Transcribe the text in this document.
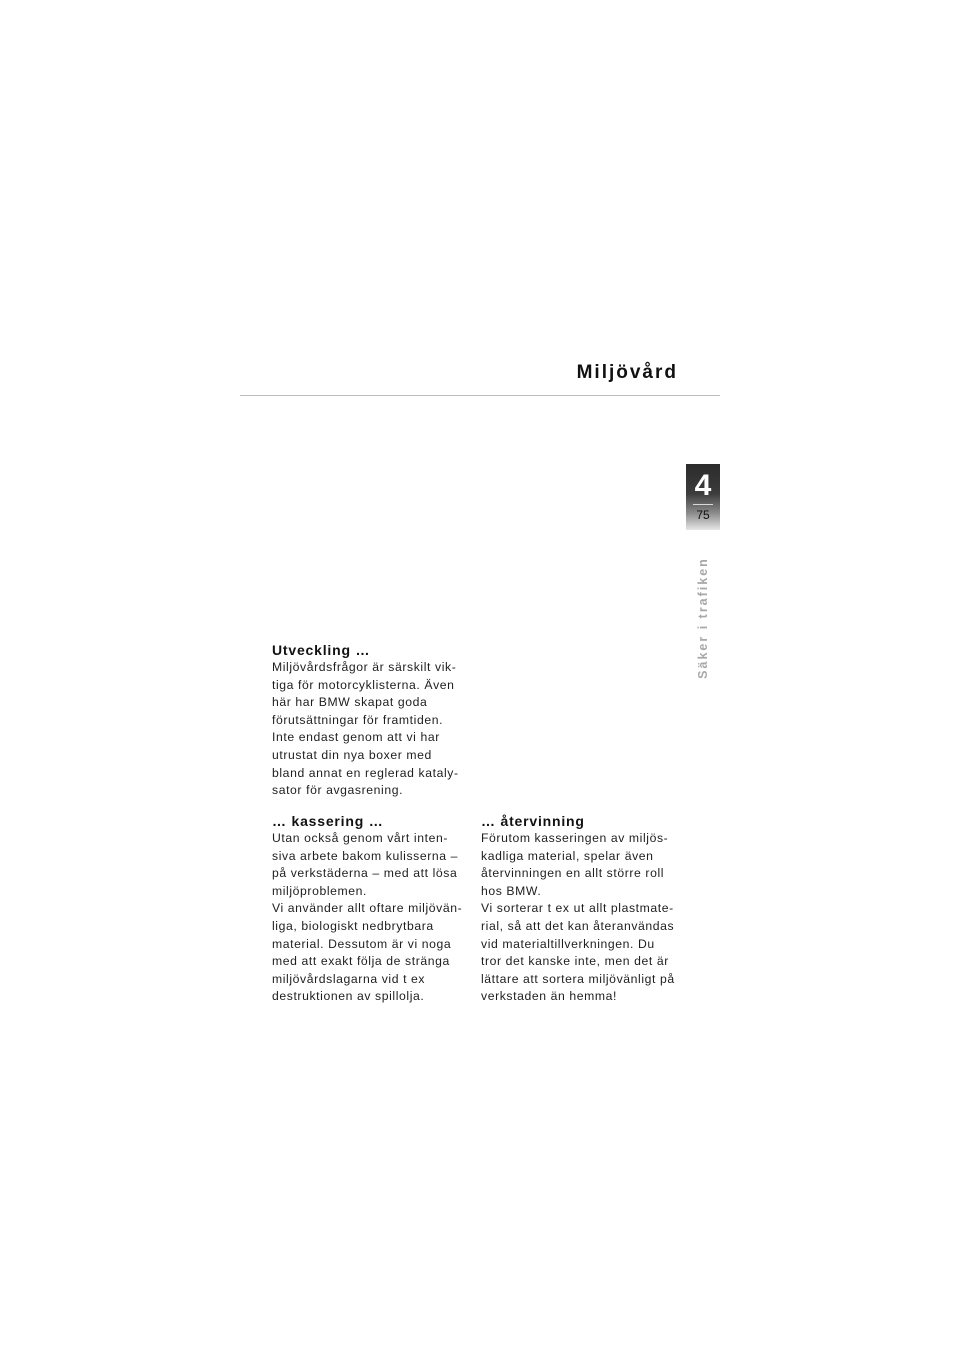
Miljövård
4
75
Säker i trafiken
Utveckling …

Miljövårdsfrågor är särskilt vik-
tiga för motorcyklisterna. Även
här har BMW skapat goda
förutsättningar för framtiden.
Inte endast genom att vi har
utrustat din nya boxer med
bland annat en reglerad kataly-
sator för avgasrening.

… kassering …

Utan också genom vårt inten-
siva arbete bakom kulisserna –
på verkstäderna – med att lösa
miljöproblemen.
Vi använder allt oftare miljövän-
liga, biologiskt nedbrytbara
material. Dessutom är vi noga
med att exakt följa de stränga
miljövårdslagarna vid t ex
destruktionen av spillolja.

… återvinning

Förutom kasseringen av miljös-
kadliga material, spelar även
återvinningen en allt större roll
hos BMW.
Vi sorterar t ex ut allt plastmate-
rial, så att det kan återanvändas
vid materialtillverkningen. Du
tror det kanske inte, men det är
lättare att sortera miljövänligt på
verkstaden än hemma!
